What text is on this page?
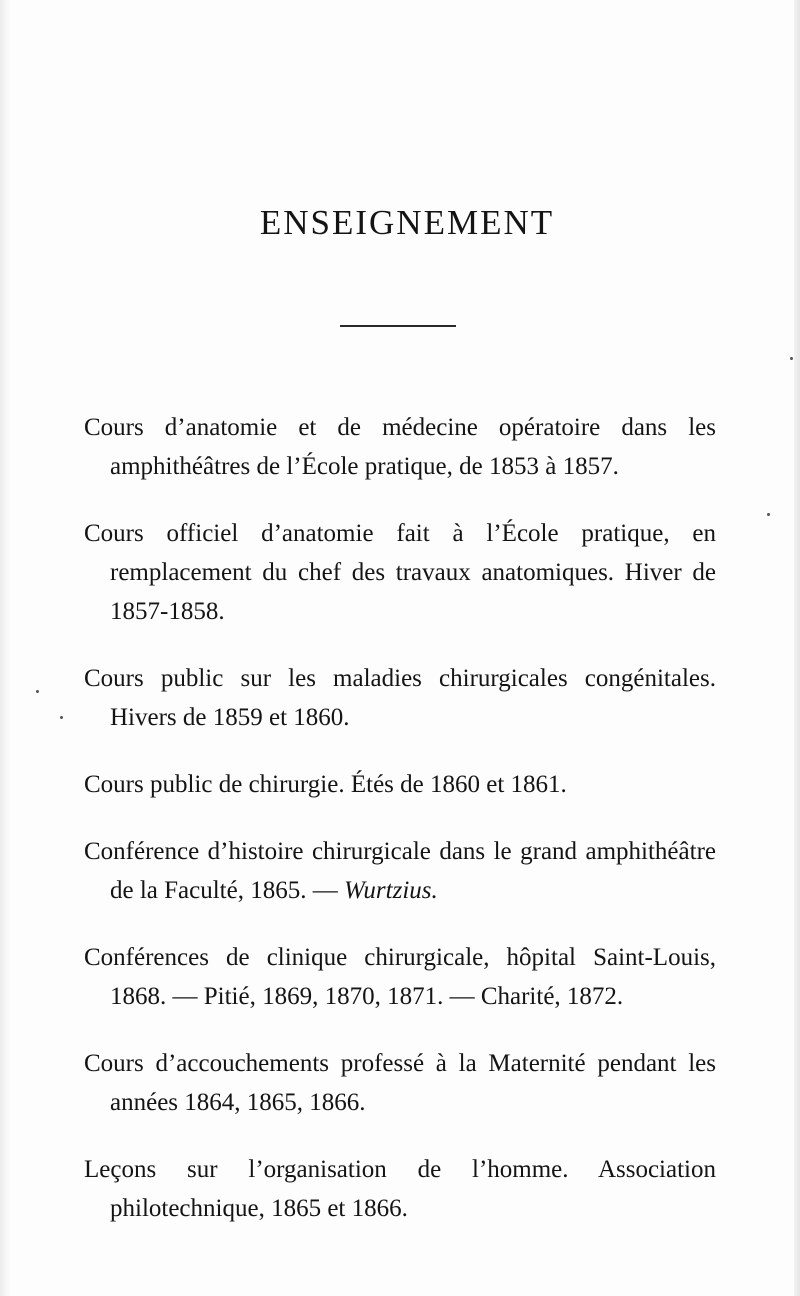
ENSEIGNEMENT

Cours d’anatomie et de médecine opératoire dans les amphithéâtres de l’École pratique, de 1853 à 1857.

Cours officiel d’anatomie fait à l’École pratique, en remplacement du chef des travaux anatomiques. Hiver de 1857-1858.

Cours public sur les maladies chirurgicales congénitales. Hivers de 1859 et 1860.

Cours public de chirurgie. Étés de 1860 et 1861.

Conférence d’histoire chirurgicale dans le grand amphithéâtre de la Faculté, 1865. — Wurtzius.

Conférences de clinique chirurgicale, hôpital Saint-Louis, 1868. — Pitié, 1869, 1870, 1871. — Charité, 1872.

Cours d’accouchements professé à la Maternité pendant les années 1864, 1865, 1866.

Leçons sur l’organisation de l’homme. Association philotechnique, 1865 et 1866.
